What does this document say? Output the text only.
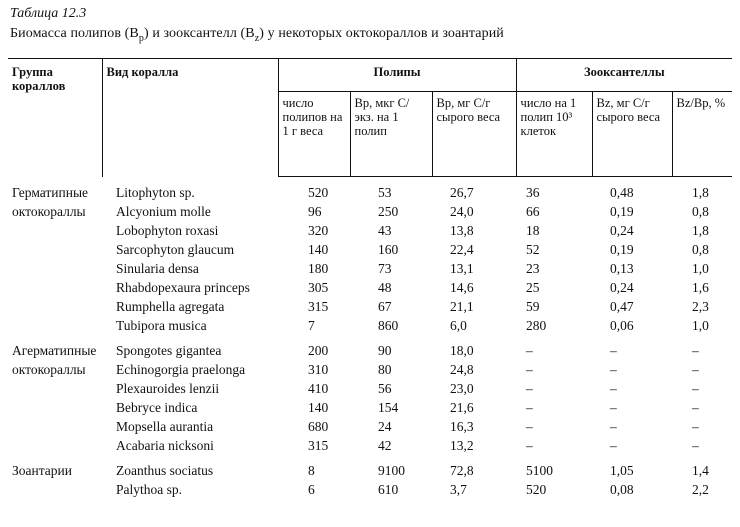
Таблица 12.3
Биомасса полипов $(B_p)$ и зооксантелл $(B_z)$ у некоторых октокораллов и зоантарий
Группа кораллов	Вид коралла	Полипы			Зооксантеллы		
		число полипов на 1 г веса	Bp, мкг С/экз. на 1 полип	Bp, мг С/г сырого веса	число на 1 полип 10³ клеток	Bz, мг С/г сырого веса	Bz/Bp, %
Герматипные октокораллы	Litophyton sp.	520	53	26,7	36	0,48	1,8
	Alcyonium molle	96	250	24,0	66	0,19	0,8
	Lobophyton roxasi	320	43	13,8	18	0,24	1,8
	Sarcophyton glaucum	140	160	22,4	52	0,19	0,8
	Sinularia densa	180	73	13,1	23	0,13	1,0
	Rhabdopexaura princeps	305	48	14,6	25	0,24	1,6
	Rumphella agregata	315	67	21,1	59	0,47	2,3
	Tubipora musica	7	860	6,0	280	0,06	1,0
Агерматипные октокораллы	Spongotes gigantea	200	90	18,0	–	–	–
	Echinogorgia praelonga	310	80	24,8	–	–	–
	Plexauroides lenzii	410	56	23,0	–	–	–
	Bebryce indica	140	154	21,6	–	–	–
	Mopsella aurantia	680	24	16,3	–	–	–
	Acabaria nicksoni	315	42	13,2	–	–	–
Зоантарии	Zoanthus sociatus	8	9100	72,8	5100	1,05	1,4
	Palythoa sp.	6	610	3,7	520	0,08	2,2
